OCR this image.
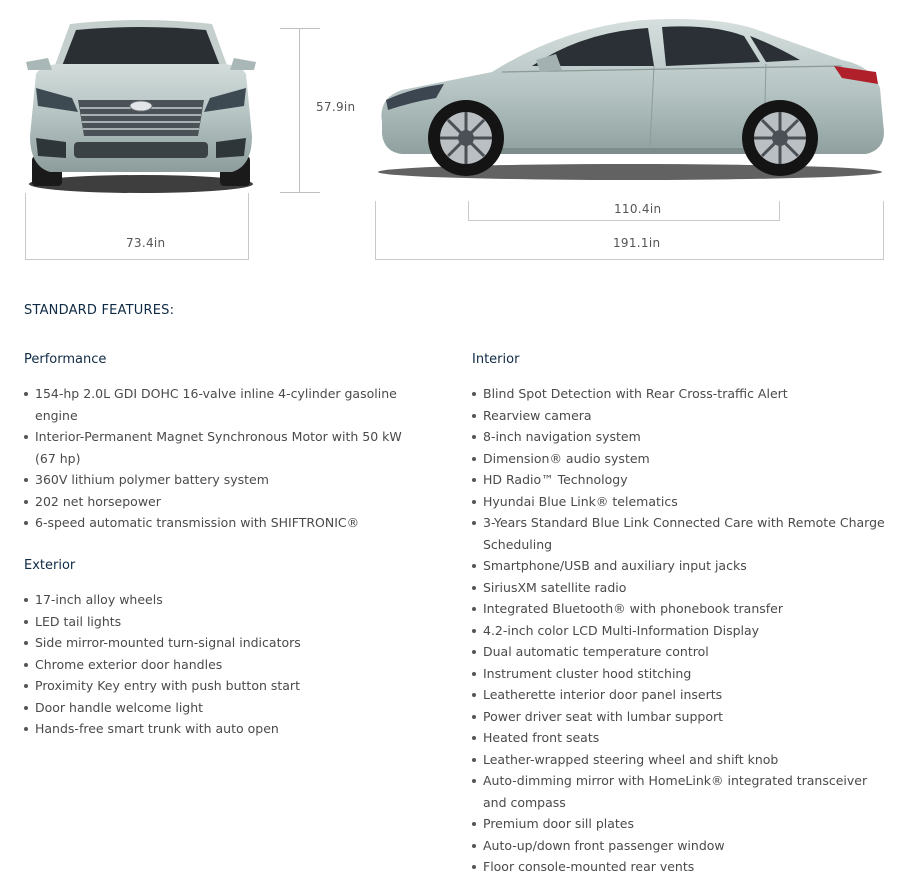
73.4in
57.9in
110.4in
191.1in
STANDARD FEATURES:
Performance
154-hp 2.0L GDI DOHC 16-valve inline 4-cylinder gasoline engine
Interior-Permanent Magnet Synchronous Motor with 50 kW (67 hp)
360V lithium polymer battery system
202 net horsepower
6-speed automatic transmission with SHIFTRONIC®
Exterior
17-inch alloy wheels
LED tail lights
Side mirror-mounted turn-signal indicators
Chrome exterior door handles
Proximity Key entry with push button start
Door handle welcome light
Hands-free smart trunk with auto open
Interior
Blind Spot Detection with Rear Cross-traffic Alert
Rearview camera
8-inch navigation system
Dimension® audio system
HD Radio™ Technology
Hyundai Blue Link® telematics
3-Years Standard Blue Link Connected Care with Remote Charge Scheduling
Smartphone/USB and auxiliary input jacks
SiriusXM satellite radio
Integrated Bluetooth® with phonebook transfer
4.2-inch color LCD Multi-Information Display
Dual automatic temperature control
Instrument cluster hood stitching
Leatherette interior door panel inserts
Power driver seat with lumbar support
Heated front seats
Leather-wrapped steering wheel and shift knob
Auto-dimming mirror with HomeLink® integrated transceiver and compass
Premium door sill plates
Auto-up/down front passenger window
Floor console-mounted rear vents
